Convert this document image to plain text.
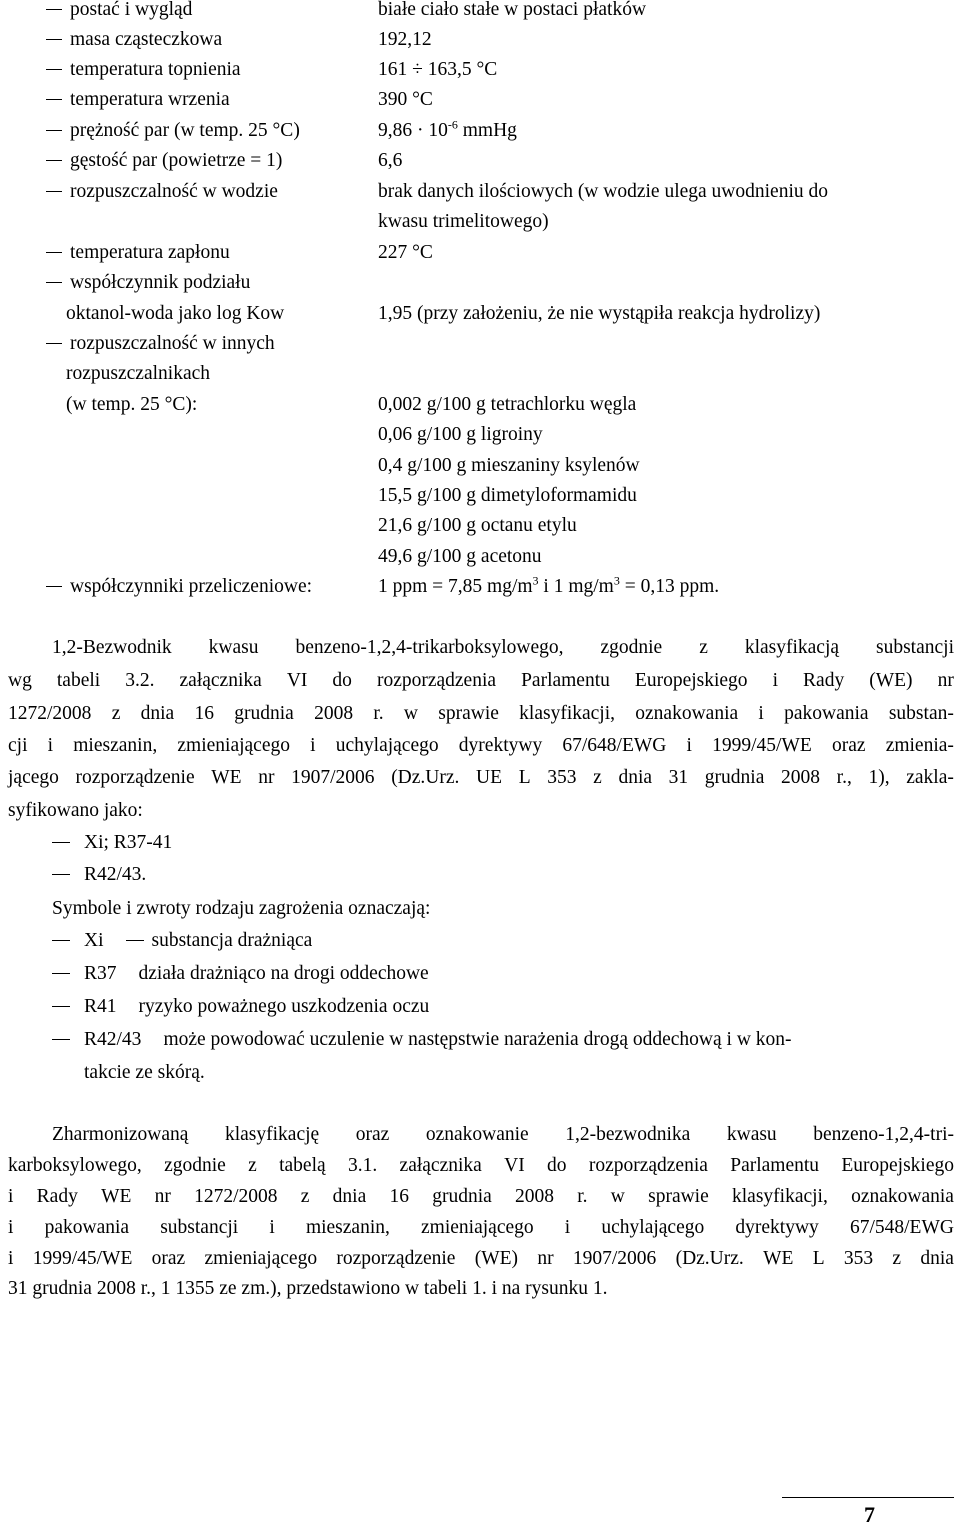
postać i wygląd	białe ciało stałe w postaci płatków
masa cząsteczkowa	192,12
temperatura topnienia	161 ÷ 163,5 °C
temperatura wrzenia	390 °C
prężność par (w temp. 25 °C)	$9,86 \cdot 10^{-6}$ mmHg
gęstość par (powietrze = 1)	6,6
rozpuszczalność w wodzie	brak danych ilościowych (w wodzie ulega uwodnieniu do
kwasu trimelitowego)
temperatura zapłonu	227 °C
współczynnik podziału
oktanol-woda jako log Kow	1,95 (przy założeniu, że nie wystąpiła reakcja hydrolizy)
rozpuszczalność w innych
rozpuszczalnikach
(w temp. 25 °C):	0,002 g/100 g tetrachlorku węgla
0,06 g/100 g ligroiny
0,4 g/100 g mieszaniny ksylenów
15,5 g/100 g dimetyloformamidu
21,6 g/100 g octanu etylu
49,6 g/100 g acetonu
współczynniki przeliczeniowe:	1 ppm = 7,85 $mg/m^3$ i 1 $mg/m^3 = 0,13$ ppm.
1,2-Bezwodnik kwasu benzeno-1,2,4-trikarboksylowego, zgodnie z klasyfikacją substancji
wg tabeli 3.2. załącznika VI do rozporządzenia Parlamentu Europejskiego i Rady (WE) nr
1272/2008 z dnia 16 grudnia 2008 r. w sprawie klasyfikacji, oznakowania i pakowania substan-
cji i mieszanin, zmieniającego i uchylającego dyrektywy 67/648/EWG i 1999/45/WE oraz zmienia-
jącego rozporządzenie WE nr 1907/2006 (Dz.Urz. UE L 353 z dnia 31 grudnia 2008 r., 1), zakla-
syfikowano jako:
Xi; R37-41
R42/43.
Symbole i zwroty rodzaju zagrożenia oznaczają:
Xi substancja drażniąca
R37 działa drażniąco na drogi oddechowe
R41 ryzyko poważnego uszkodzenia oczu
R42/43 może powodować uczulenie w następstwie narażenia drogą oddechową i w kon-
takcie ze skórą.
Zharmonizowaną klasyfikację oraz oznakowanie 1,2-bezwodnika kwasu benzeno-1,2,4-tri-
karboksylowego, zgodnie z tabelą 3.1. załącznika VI do rozporządzenia Parlamentu Europejskiego
i Rady WE nr 1272/2008 z dnia 16 grudnia 2008 r. w sprawie klasyfikacji, oznakowania
i pakowania substancji i mieszanin, zmieniającego i uchylającego dyrektywy 67/548/EWG
i 1999/45/WE oraz zmieniającego rozporządzenie (WE) nr 1907/2006 (Dz.Urz. WE L 353 z dnia
31 grudnia 2008 r., 1 1355 ze zm.), przedstawiono w tabeli 1. i na rysunku 1.
7
